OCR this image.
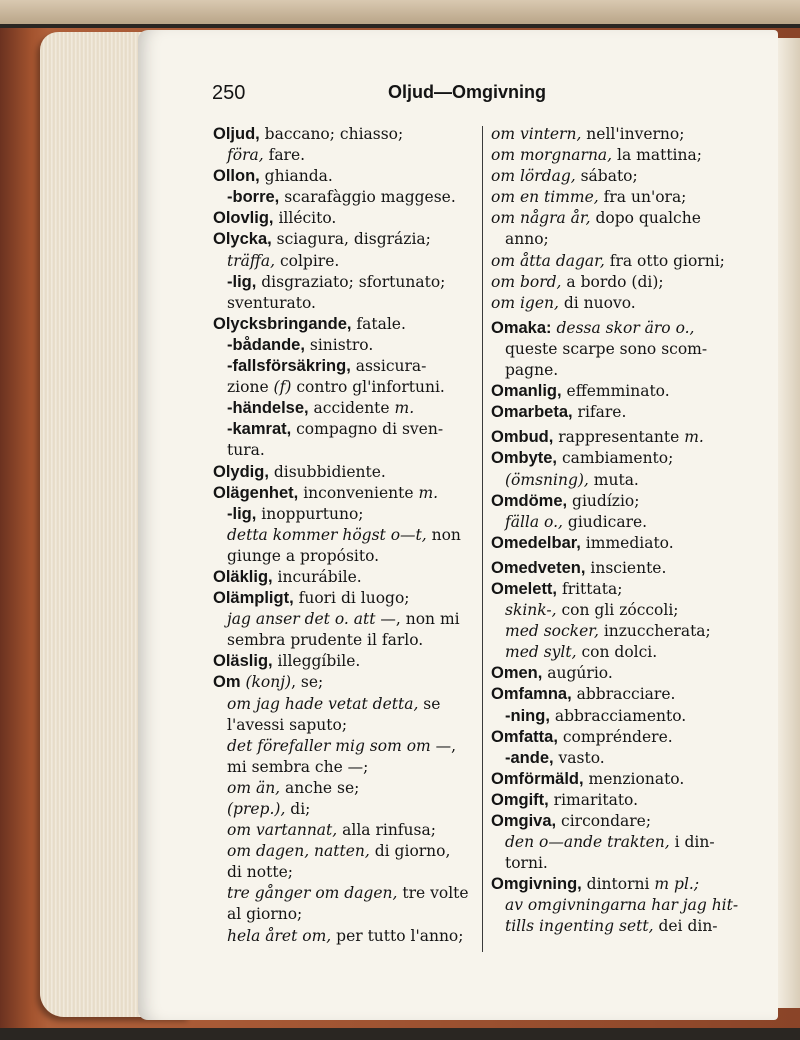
250	Oljud—Omgivning
Oljud, baccano; chiasso;
föra, fare.
Ollon, ghianda.
-borre, scarafàggio maggese.
Olovlig, illécito.
Olycka, sciagura, disgrázia;
träffa, colpire.
-lig, disgraziato; sfortunato;
sventurato.
Olycksbringande, fatale.
-bådande, sinistro.
-fallsförsäkring, assicura-
zione (f) contro gl'infortuni.
-händelse, accidente m.
-kamrat, compagno di sven-
tura.
Olydig, disubbidiente.
Olägenhet, inconveniente m.
-lig, inoppurtuno;
detta kommer högst o—t, non
giunge a propósito.
Oläklig, incurábile.
Olämpligt, fuori di luogo;
jag anser det o. att —, non mi
sembra prudente il farlo.
Oläslig, illeggíbile.
Om (konj), se;
om jag hade vetat detta, se
l'avessi saputo;
det förefaller mig som om —,
mi sembra che —;
om än, anche se;
(prep.), di;
om vartannat, alla rinfusa;
om dagen, natten, di giorno,
di notte;
tre gånger om dagen, tre volte
al giorno;
hela året om, per tutto l'anno;
om vintern, nell'inverno;
om morgnarna, la mattina;
om lördag, sábato;
om en timme, fra un'ora;
om några år, dopo qualche
anno;
om åtta dagar, fra otto giorni;
om bord, a bordo (di);
om igen, di nuovo.
Omaka: dessa skor äro o.,
queste scarpe sono scom-
pagne.
Omanlig, effemminato.
Omarbeta, rifare.
Ombud, rappresentante m.
Ombyte, cambiamento;
(ömsning), muta.
Omdöme, giudízio;
fälla o., giudicare.
Omedelbar, immediato.
Omedveten, insciente.
Omelett, frittata;
skink-, con gli zóccoli;
med socker, inzuccherata;
med sylt, con dolci.
Omen, augúrio.
Omfamna, abbracciare.
-ning, abbracciamento.
Omfatta, compréndere.
-ande, vasto.
Omförmäld, menzionato.
Omgift, rimaritato.
Omgiva, circondare;
den o—ande trakten, i din-
torni.
Omgivning, dintorni m pl.;
av omgivningarna har jag hit-
tills ingenting sett, dei din-
